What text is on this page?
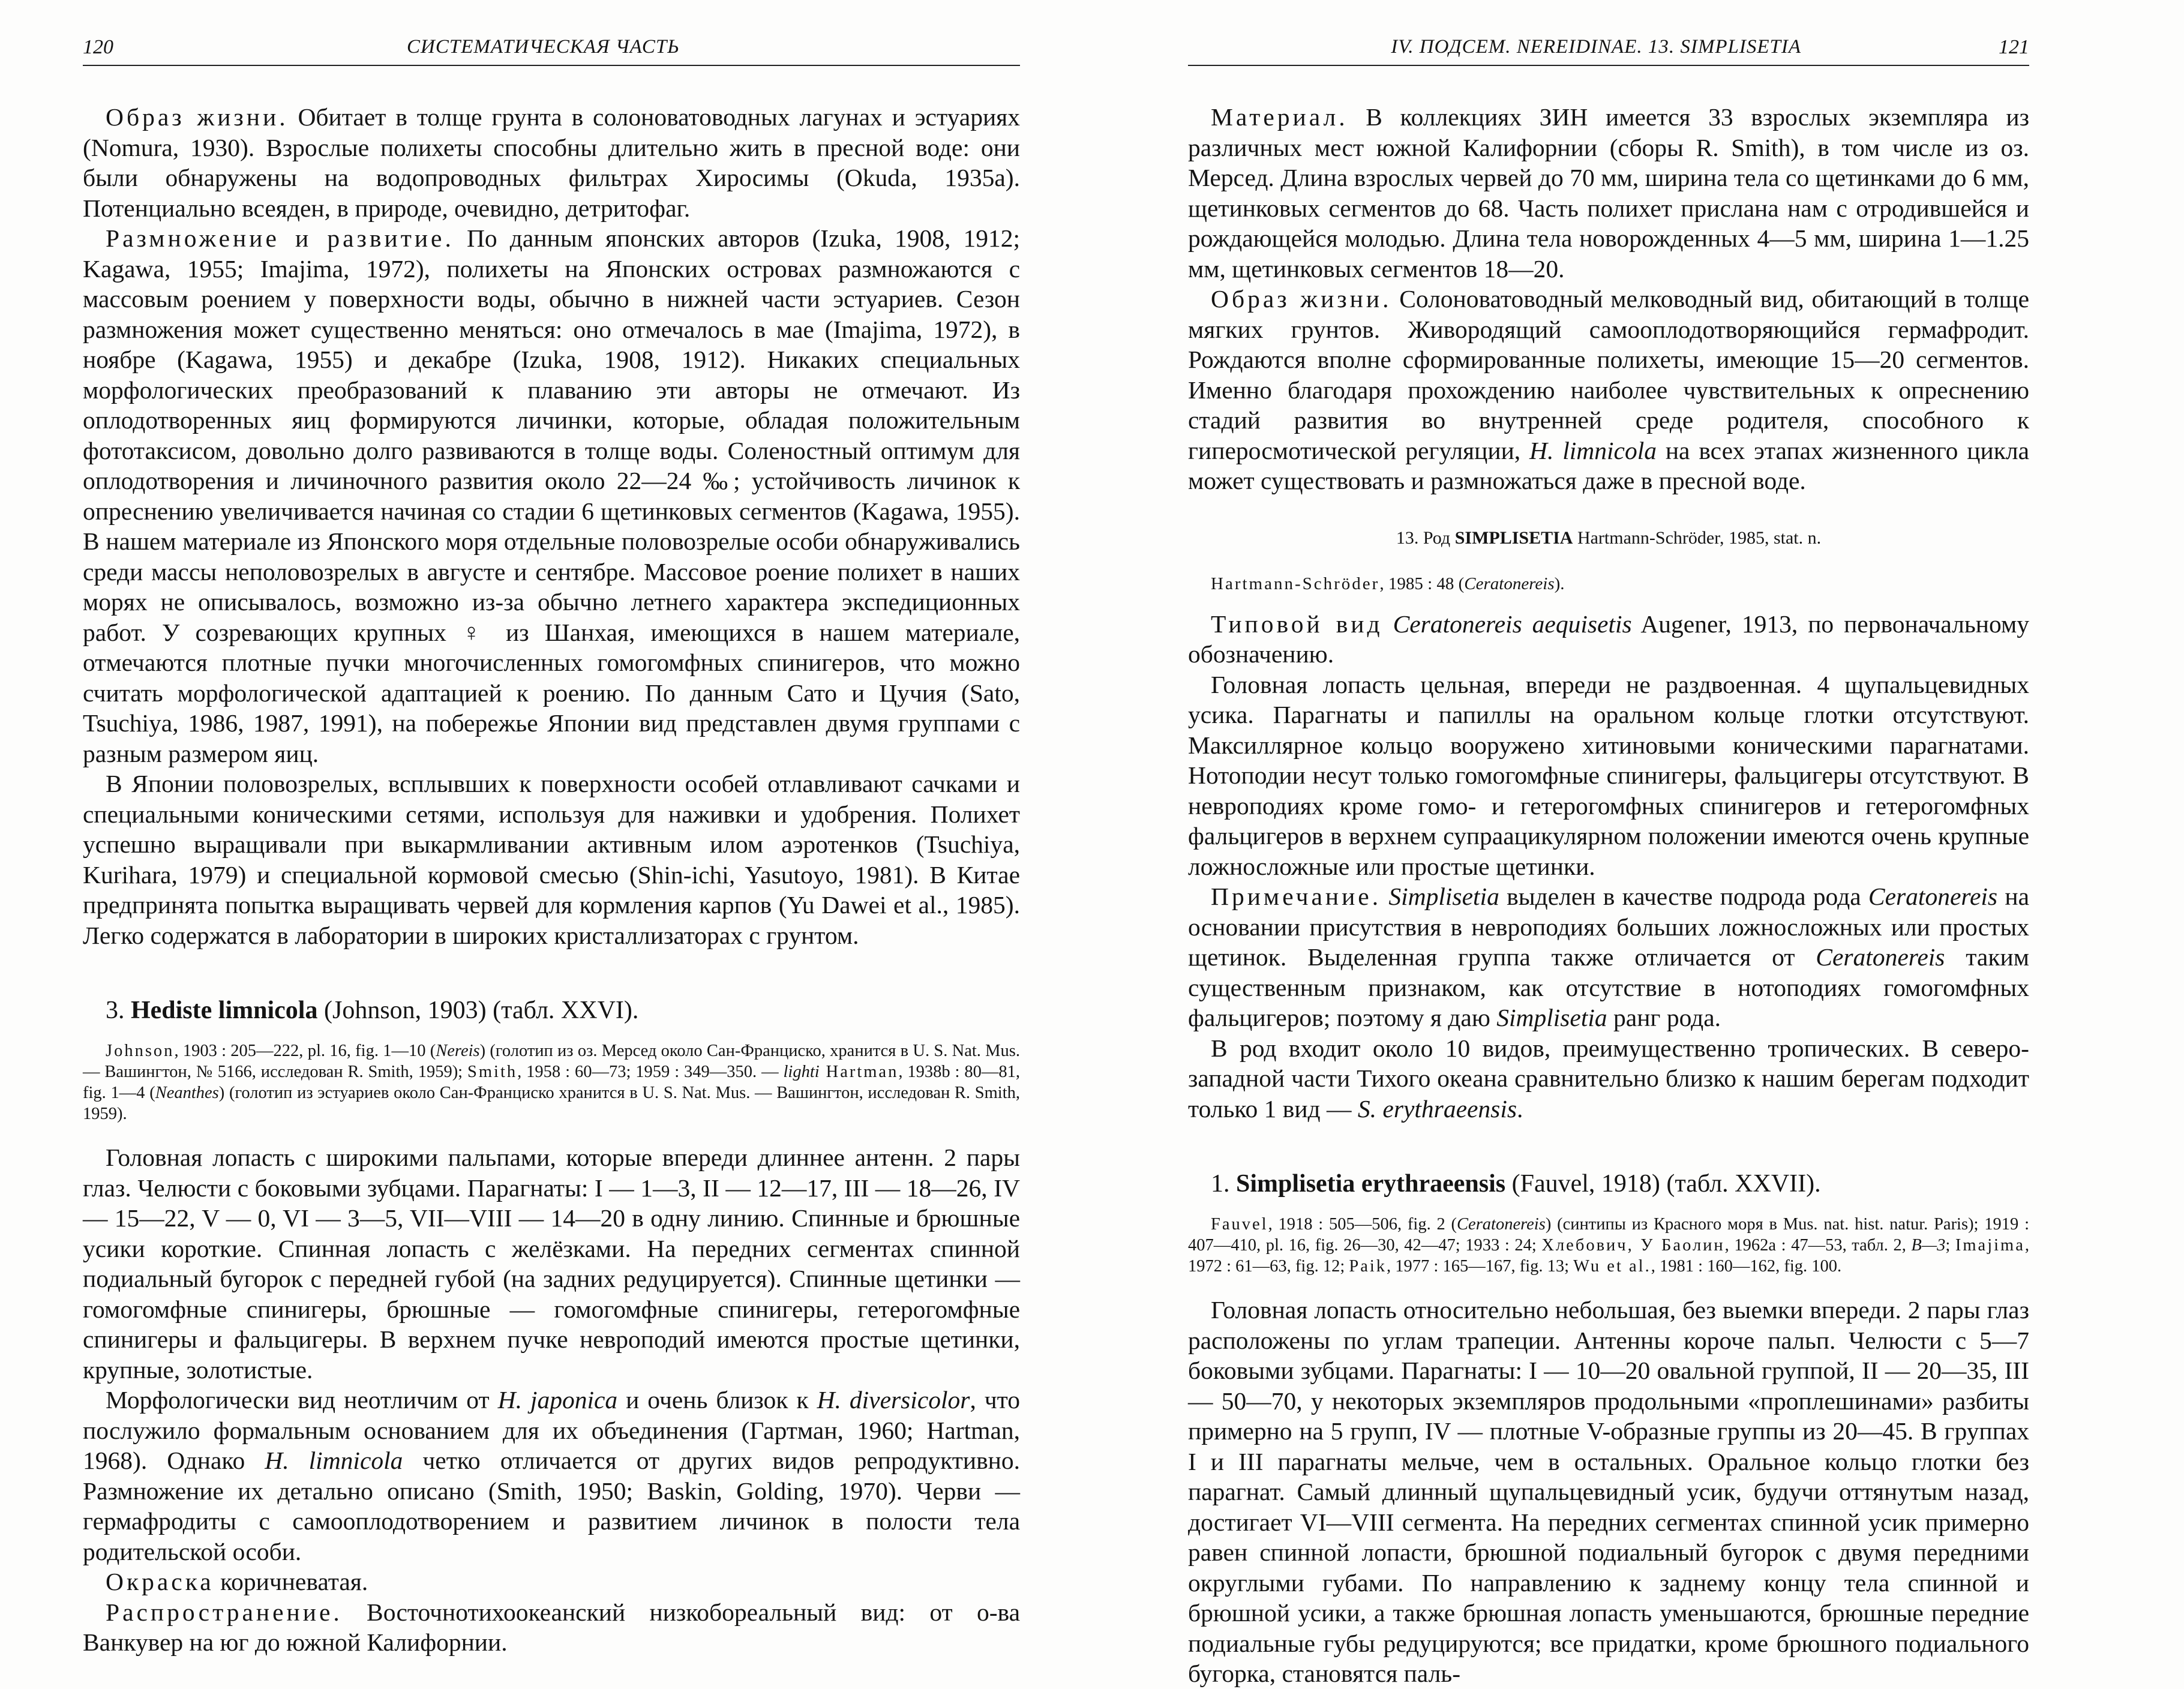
120	СИСТЕМАТИЧЕСКАЯ ЧАСТЬ

Образ жизни. Обитает в толще грунта в солоноватоводных лагунах и эстуариях (Nomura, 1930). Взрослые полихеты способны длительно жить в пресной воде: они были обнаружены на водопроводных фильтрах Хиросимы (Okuda, 1935a). Потенциально всеяден, в природе, очевидно, детритофаг.

Размножение и развитие. По данным японских авторов (Izuka, 1908, 1912; Kagawa, 1955; Imajima, 1972), полихеты на Японских островах размножаются с массовым роением у поверхности воды, обычно в нижней части эстуариев. Сезон размножения может существенно меняться: оно отмечалось в мае (Imajima, 1972), в ноябре (Kagawa, 1955) и декабре (Izuka, 1908, 1912). Никаких специальных морфологических преобразований к плаванию эти авторы не отмечают. Из оплодотворенных яиц формируются личинки, которые, обладая положительным фототаксисом, довольно долго развиваются в толще воды. Соленостный оптимум для оплодотворения и личиночного развития около 22—24 ‰; устойчивость личинок к опреснению увеличивается начиная со стадии 6 щетинковых сегментов (Kagawa, 1955). В нашем материале из Японского моря отдельные половозрелые особи обнаруживались среди массы неполовозрелых в августе и сентябре. Массовое роение полихет в наших морях не описывалось, возможно из-за обычно летнего характера экспедиционных работ. У созревающих крупных ♀ из Шанхая, имеющихся в нашем материале, отмечаются плотные пучки многочисленных гомогомфных спинигеров, что можно считать морфологической адаптацией к роению. По данным Сато и Цучия (Sato, Tsuchiya, 1986, 1987, 1991), на побережье Японии вид представлен двумя группами с разным размером яиц.

В Японии половозрелых, всплывших к поверхности особей отлавливают сачками и специальными коническими сетями, используя для наживки и удобрения. Полихет успешно выращивали при выкармливании активным илом аэротенков (Tsuchiya, Kurihara, 1979) и специальной кормовой смесью (Shin-ichi, Yasutoyo, 1981). В Китае предпринята попытка выращивать червей для кормления карпов (Yu Dawei et al., 1985). Легко содержатся в лаборатории в широких кристаллизаторах с грунтом.

3. Hediste limnicola (Johnson, 1903) (табл. XXVI).
Johnson, 1903 : 205—222, pl. 16, fig. 1—10 (Nereis) (голотип из оз. Мерсед около Сан-Франциско, хранится в U. S. Nat. Mus. — Вашингтон, № 5166, исследован R. Smith, 1959); Smith, 1958 : 60—73; 1959 : 349—350. — lighti Hartman, 1938b : 80—81, fig. 1—4 (Neanthes) (голотип из эстуариев около Сан-Франциско хранится в U. S. Nat. Mus. — Вашингтон, исследован R. Smith, 1959).

Головная лопасть с широкими пальпами, которые впереди длиннее антенн. 2 пары глаз. Челюсти с боковыми зубцами. Парагнаты: I — 1—3, II — 12—17, III — 18—26, IV — 15—22, V — 0, VI — 3—5, VII—VIII — 14—20 в одну линию. Спинные и брюшные усики короткие. Спинная лопасть с желёзками. На передних сегментах спинной подиальный бугорок с передней губой (на задних редуцируется). Спинные щетинки — гомогомфные спинигеры, брюшные — гомогомфные спинигеры, гетерогомфные спинигеры и фальцигеры. В верхнем пучке невроподий имеются простые щетинки, крупные, золотистые.

Морфологически вид неотличим от H. japonica и очень близок к H. diversicolor, что послужило формальным основанием для их объединения (Гартман, 1960; Hartman, 1968). Однако H. limnicola четко отличается от других видов репродуктивно. Размножение их детально описано (Smith, 1950; Baskin, Golding, 1970). Черви — гермафродиты с самооплодотворением и развитием личинок в полости тела родительской особи.

Окраска коричневатая.

Распространение. Восточнотихоокеанский низкобореальный вид: от о-ва Ванкувер на юг до южной Калифорнии.

IV. ПОДСЕМ. NEREIDINAE. 13. SIMPLISETIA	121

Материал. В коллекциях ЗИН имеется 33 взрослых экземпляра из различных мест южной Калифорнии (сборы R. Smith), в том числе из оз. Мерсед. Длина взрослых червей до 70 мм, ширина тела со щетинками до 6 мм, щетинковых сегментов до 68. Часть полихет прислана нам с отродившейся и рождающейся молодью. Длина тела новорожденных 4—5 мм, ширина 1—1.25 мм, щетинковых сегментов 18—20.

Образ жизни. Солоноватоводный мелководный вид, обитающий в толще мягких грунтов. Живородящий самооплодотворяющийся гермафродит. Рождаются вполне сформированные полихеты, имеющие 15—20 сегментов. Именно благодаря прохождению наиболее чувствительных к опреснению стадий развития во внутренней среде родителя, способного к гиперосмотической регуляции, H. limnicola на всех этапах жизненного цикла может существовать и размножаться даже в пресной воде.

13. Род SIMPLISETIA Hartmann-Schröder, 1985, stat. n.
Hartmann-Schröder, 1985 : 48 (Ceratonereis).

Типовой вид Ceratonereis aequisetis Augener, 1913, по первоначальному обозначению.

Головная лопасть цельная, впереди не раздвоенная. 4 щупальцевидных усика. Парагнаты и папиллы на оральном кольце глотки отсутствуют. Максиллярное кольцо вооружено хитиновыми коническими парагнатами. Нотоподии несут только гомогомфные спинигеры, фальцигеры отсутствуют. В невроподиях кроме гомо- и гетерогомфных спинигеров и гетерогомфных фальцигеров в верхнем супраацикулярном положении имеются очень крупные ложносложные или простые щетинки.

Примечание. Simplisetia выделен в качестве подрода рода Ceratonereis на основании присутствия в невроподиях больших ложносложных или простых щетинок. Выделенная группа также отличается от Ceratonereis таким существенным признаком, как отсутствие в нотоподиях гомогомфных фальцигеров; поэтому я даю Simplisetia ранг рода.

В род входит около 10 видов, преимущественно тропических. В северо-западной части Тихого океана сравнительно близко к нашим берегам подходит только 1 вид — S. erythraeensis.

1. Simplisetia erythraeensis (Fauvel, 1918) (табл. XXVII).
Fauvel, 1918 : 505—506, fig. 2 (Ceratonereis) (синтипы из Красного моря в Mus. nat. hist. natur. Paris); 1919 : 407—410, pl. 16, fig. 26—30, 42—47; 1933 : 24; Хлебович, У Баолин, 1962a : 47—53, табл. 2, B—3; Imajima, 1972 : 61—63, fig. 12; Paik, 1977 : 165—167, fig. 13; Wu et al., 1981 : 160—162, fig. 100.

Головная лопасть относительно небольшая, без выемки впереди. 2 пары глаз расположены по углам трапеции. Антенны короче пальп. Челюсти с 5—7 боковыми зубцами. Парагнаты: I — 10—20 овальной группой, II — 20—35, III — 50—70, у некоторых экземпляров продольными «проплешинами» разбиты примерно на 5 групп, IV — плотные V-образные группы из 20—45. В группах I и III парагнаты мельче, чем в остальных. Оральное кольцо глотки без парагнат. Самый длинный щупальцевидный усик, будучи оттянутым назад, достигает VI—VIII сегмента. На передних сегментах спинной усик примерно равен спинной лопасти, брюшной подиальный бугорок с двумя передними округлыми губами. По направлению к заднему концу тела спинной и брюшной усики, а также брюшная лопасть уменьшаются, брюшные передние подиальные губы редуцируются; все придатки, кроме брюшного подиального бугорка, становятся паль-
